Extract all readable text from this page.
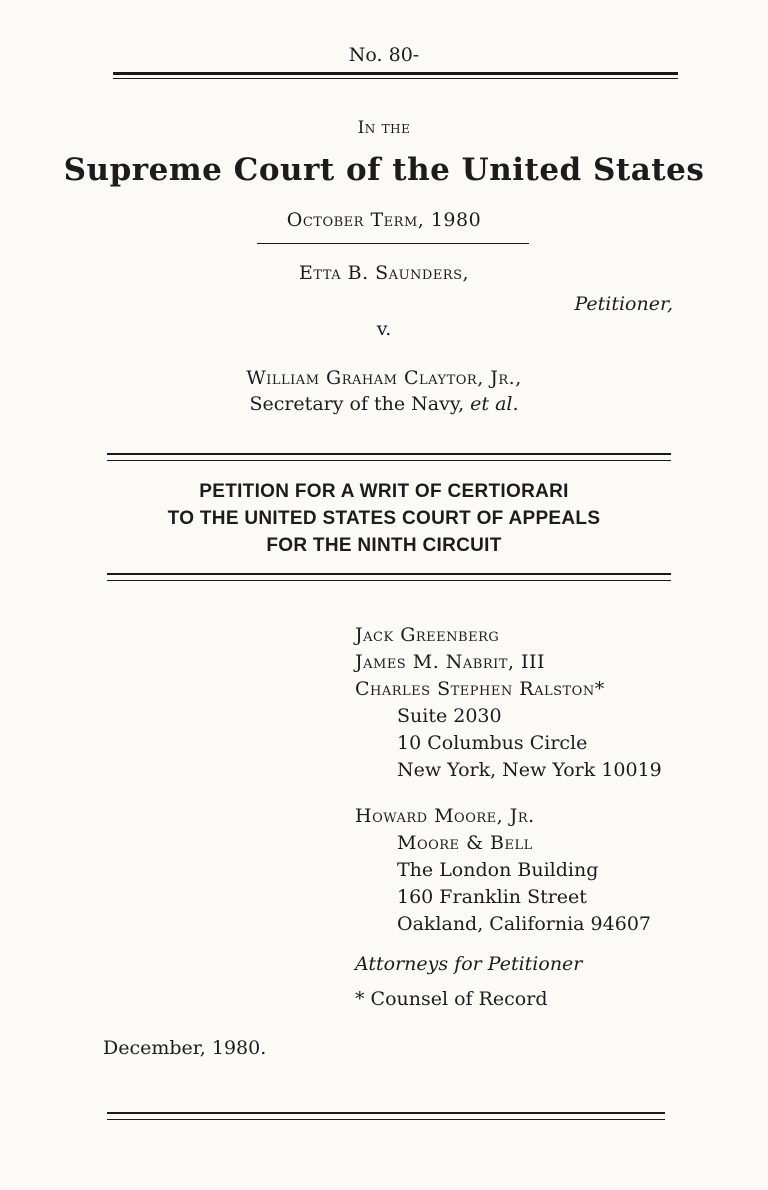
No. 80-
In the
Supreme Court of the United States
October Term, 1980
Etta B. Saunders,
Petitioner,
v.
William Graham Claytor, Jr.,
Secretary of the Navy, et al.
PETITION FOR A WRIT OF CERTIORARI
TO THE UNITED STATES COURT OF APPEALS
FOR THE NINTH CIRCUIT
Jack Greenberg
James M. Nabrit, III
Charles Stephen Ralston*
Suite 2030
10 Columbus Circle
New York, New York 10019
Howard Moore, Jr.
Moore & Bell
The London Building
160 Franklin Street
Oakland, California 94607
Attorneys for Petitioner
* Counsel of Record
December, 1980.
